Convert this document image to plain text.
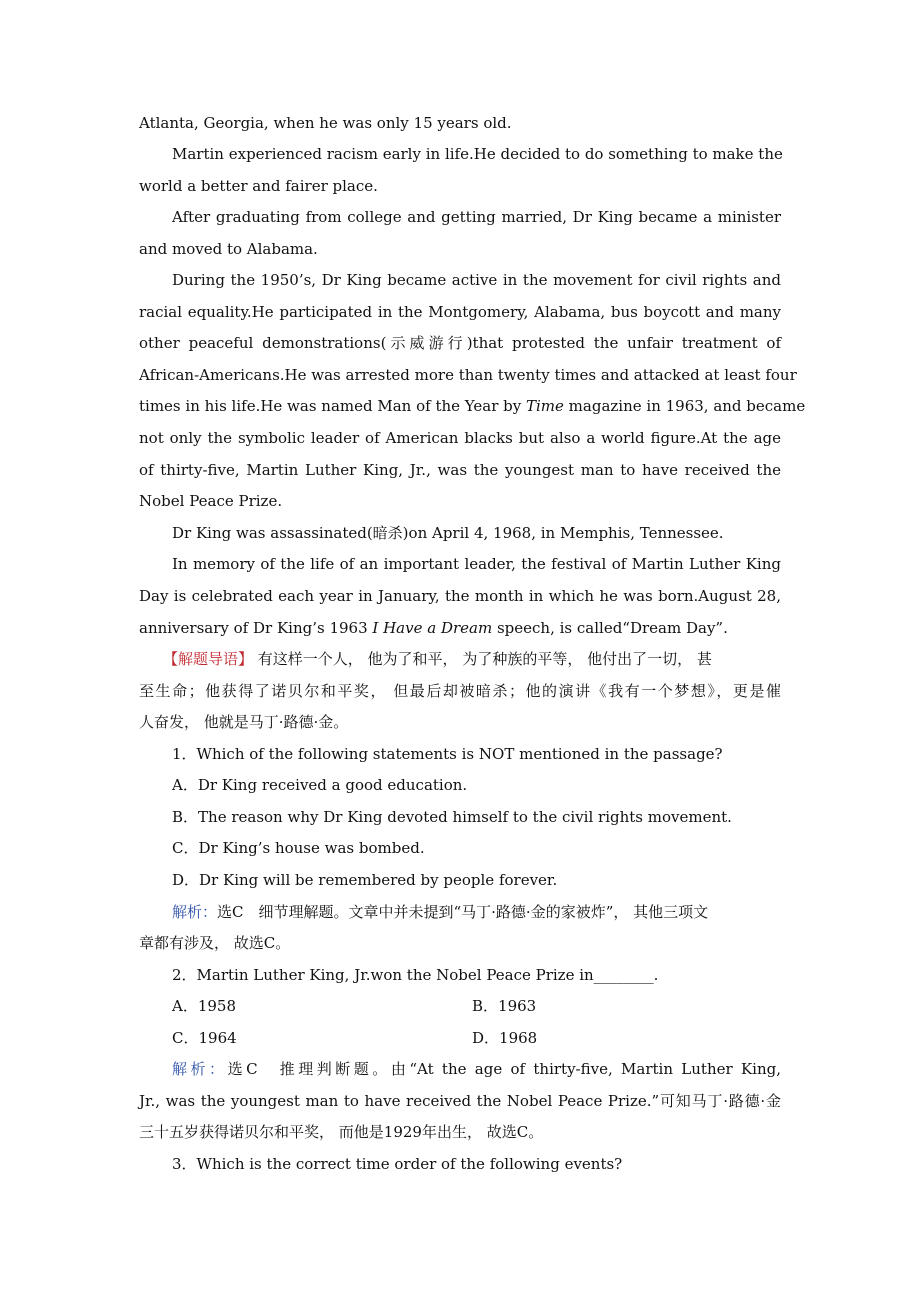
Atlanta, Georgia, when he was only 15 years old.
Martin experienced racism early in life.He decided to do something to make the
world a better and fairer place.
After graduating from college and getting married, Dr King became a minister
and moved to Alabama.
During the 1950’s, Dr King became active in the movement for civil rights and
racial equality.He participated in the Montgomery, Alabama, bus boycott and many
other peaceful demonstrations(示威游行)that protested the unfair treatment of
African-Americans.He was arrested more than twenty times and attacked at least four
times in his life.He was named Man of the Year by Time magazine in 1963, and became
not only the symbolic leader of American blacks but also a world figure.At the age
of thirty-five, Martin Luther King, Jr., was the youngest man to have received the
Nobel Peace Prize.
Dr King was assassinated(暗杀)on April 4, 1968, in Memphis, Tennessee.
In memory of the life of an important leader, the festival of Martin Luther King
Day is celebrated each year in January, the month in which he was born.August 28,
anniversary of Dr King’s 1963 I Have a Dream speech, is called“Dream Day”.
【解题导语】 有这样一个人， 他为了和平， 为了种族的平等， 他付出了一切， 甚
至生命；他获得了诺贝尔和平奖， 但最后却被暗杀；他的演讲《我有一个梦想》，更是催
人奋发， 他就是马丁·路德·金。
1．Which of the following statements is NOT mentioned in the passage?
A．Dr King received a good education.
B．The reason why Dr King devoted himself to the civil rights movement.
C．Dr King’s house was bombed.
D．Dr King will be remembered by people forever.
解析：选C　细节理解题。文章中并未提到“马丁·路德·金的家被炸”， 其他三项文
章都有涉及， 故选C。
2．Martin Luther King, Jr.won the Nobel Peace Prize in________.
A．1958	B．1963
C．1964	D．1968
解析：选C　推理判断题。由“At the age of thirty-five, Martin Luther King,
Jr., was the youngest man to have received the Nobel Peace Prize.”可知马丁·路德·金
三十五岁获得诺贝尔和平奖， 而他是1929年出生， 故选C。
3．Which is the correct time order of the following events?
